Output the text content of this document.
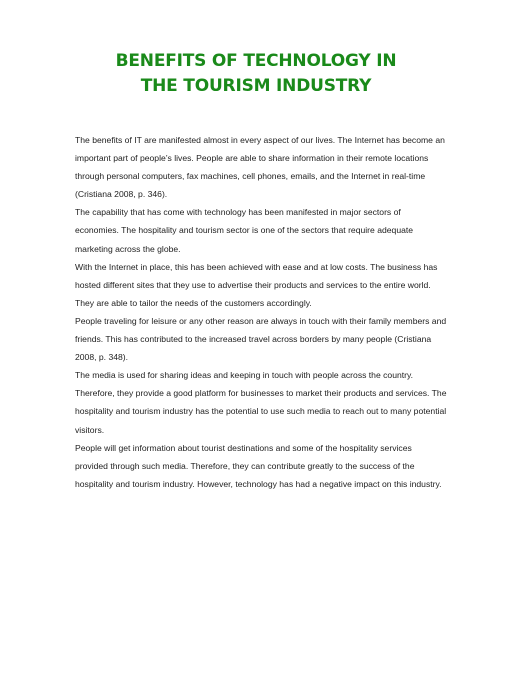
BENEFITS OF TECHNOLOGY IN
THE TOURISM INDUSTRY

The benefits of IT are manifested almost in every aspect of our lives. The Internet has become an important part of people’s lives. People are able to share information in their remote locations through personal computers, fax machines, cell phones, emails, and the Internet in real-time (Cristiana 2008, p. 346).

The capability that has come with technology has been manifested in major sectors of economies. The hospitality and tourism sector is one of the sectors that require adequate marketing across the globe.

With the Internet in place, this has been achieved with ease and at low costs. The business has hosted different sites that they use to advertise their products and services to the entire world. They are able to tailor the needs of the customers accordingly.

People traveling for leisure or any other reason are always in touch with their family members and friends. This has contributed to the increased travel across borders by many people (Cristiana 2008, p. 348).

The media is used for sharing ideas and keeping in touch with people across the country. Therefore, they provide a good platform for businesses to market their products and services. The hospitality and tourism industry has the potential to use such media to reach out to many potential visitors.

People will get information about tourist destinations and some of the hospitality services provided through such media. Therefore, they can contribute greatly to the success of the hospitality and tourism industry. However, technology has had a negative impact on this industry.
